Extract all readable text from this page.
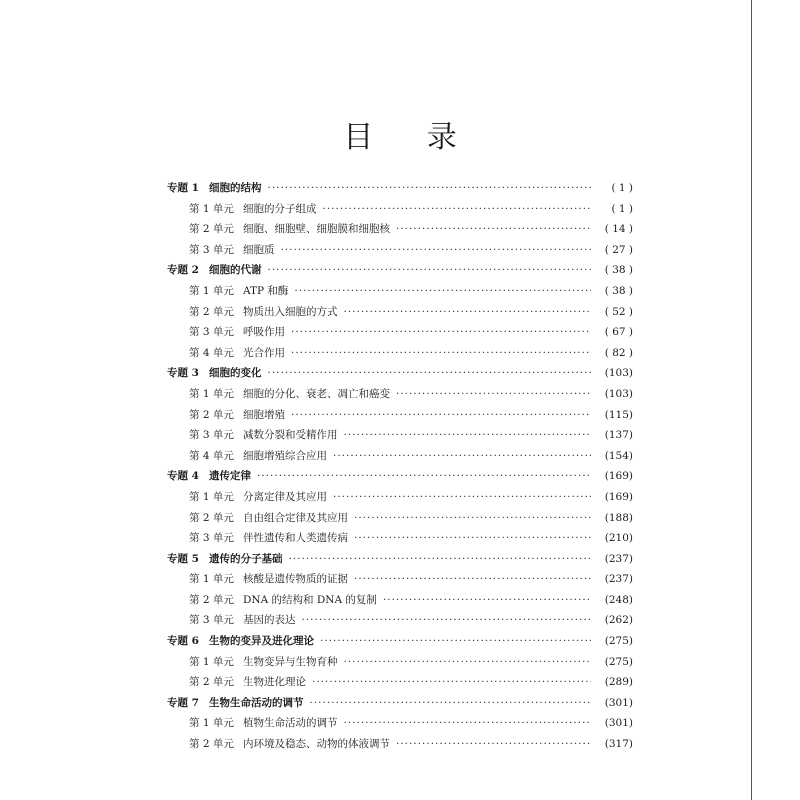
目 录
专题 1 细胞的结构 ·····	( 1 )
第 1 单元 细胞的分子组成 ·····	( 1 )
第 2 单元 细胞、细胞壁、细胞膜和细胞核 ·····	( 14 )
第 3 单元 细胞质 ·····	( 27 )
专题 2 细胞的代谢 ·····	( 38 )
第 1 单元 ATP 和酶 ·····	( 38 )
第 2 单元 物质出入细胞的方式 ·····	( 52 )
第 3 单元 呼吸作用 ·····	( 67 )
第 4 单元 光合作用 ·····	( 82 )
专题 3 细胞的变化 ·····	(103)
第 1 单元 细胞的分化、衰老、凋亡和癌变 ·····	(103)
第 2 单元 细胞增殖 ·····	(115)
第 3 单元 减数分裂和受精作用 ·····	(137)
第 4 单元 细胞增殖综合应用 ·····	(154)
专题 4 遗传定律 ·····	(169)
第 1 单元 分离定律及其应用 ·····	(169)
第 2 单元 自由组合定律及其应用 ·····	(188)
第 3 单元 伴性遗传和人类遗传病 ·····	(210)
专题 5 遗传的分子基础 ·····	(237)
第 1 单元 核酸是遗传物质的证据 ·····	(237)
第 2 单元 DNA 的结构和 DNA 的复制 ·····	(248)
第 3 单元 基因的表达 ·····	(262)
专题 6 生物的变异及进化理论 ·····	(275)
第 1 单元 生物变异与生物育种 ·····	(275)
第 2 单元 生物进化理论 ·····	(289)
专题 7 生物生命活动的调节 ·····	(301)
第 1 单元 植物生命活动的调节 ·····	(301)
第 2 单元 内环境及稳态、动物的体液调节 ·····	(317)
